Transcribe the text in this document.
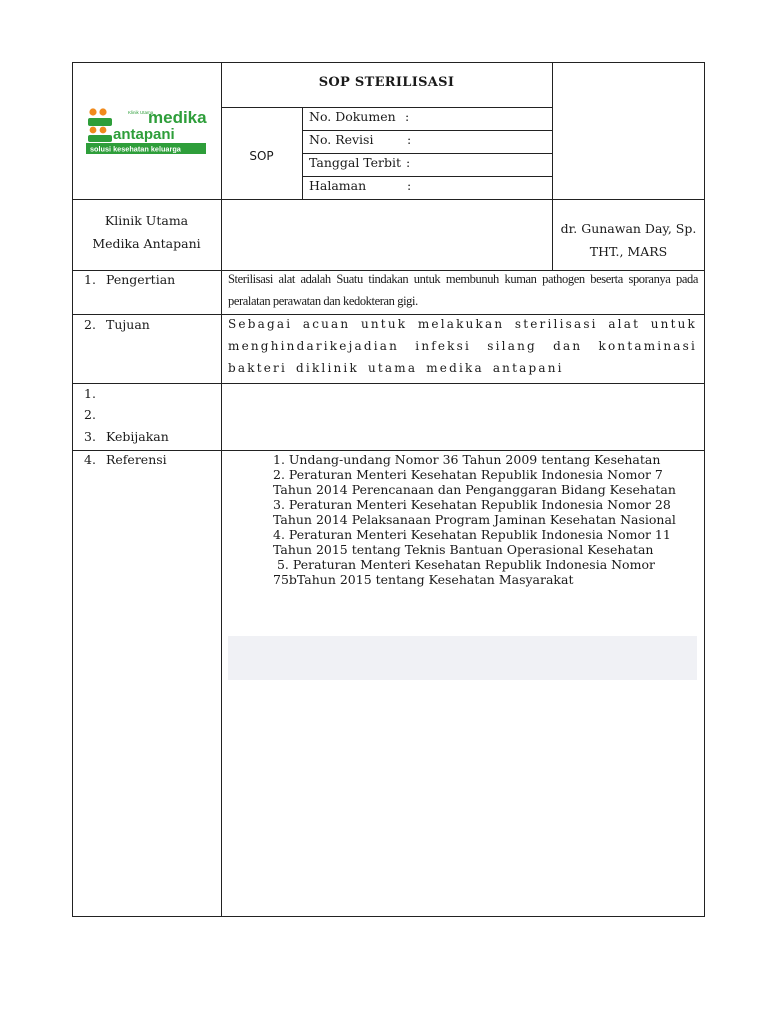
Klinik Utama
medika
antapani
solusi kesehatan keluarga
SOP STERILISASI
SOP
No. Dokumen :
No. Revisi	:
Tanggal Terbit :
Halaman	:
Klinik Utama
Medika Antapani
dr. Gunawan Day, Sp.
THT., MARS
1. Pengertian	Sterilisasi alat adalah Suatu tindakan untuk membunuh kuman pathogen beserta sporanya pada peralatan perawatan dan kedokteran gigi.
2. Tujuan	Sebagai acuan untuk melakukan sterilisasi alat untuk menghindarikejadian infeksi silang dan kontaminasi bakteri diklinik utama medika antapani
1.
2.
3. Kebijakan
4. Referensi	1. Undang-undang Nomor 36 Tahun 2009 tentang Kesehatan
2. Peraturan Menteri Kesehatan Republik Indonesia Nomor 7 Tahun 2014 Perencanaan dan Penganggaran Bidang Kesehatan
3. Peraturan Menteri Kesehatan Republik Indonesia Nomor 28 Tahun 2014 Pelaksanaan Program Jaminan Kesehatan Nasional
4. Peraturan Menteri Kesehatan Republik Indonesia Nomor 11 Tahun 2015 tentang Teknis Bantuan Operasional Kesehatan
5. Peraturan Menteri Kesehatan Republik Indonesia Nomor 75bTahun 2015 tentang Kesehatan Masyarakat
